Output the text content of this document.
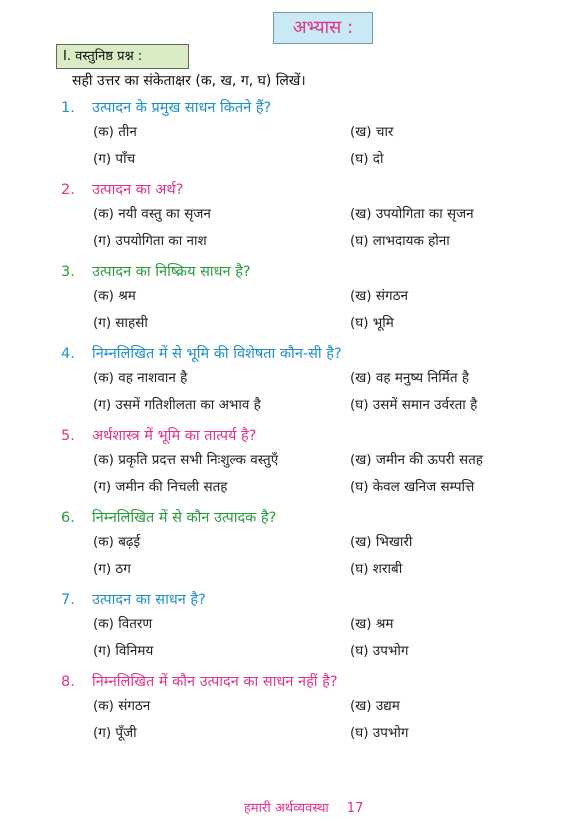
अभ्यास :
I. वस्तुनिष्ठ प्रश्न :
सही उत्तर का संकेताक्षर (क, ख, ग, घ) लिखें।
1. उत्पादन के प्रमुख साधन कितने हैं?
(क) तीन	(ख) चार
(ग) पाँच	(घ) दो
2. उत्पादन का अर्थ?
(क) नयी वस्तु का सृजन	(ख) उपयोगिता का सृजन
(ग) उपयोगिता का नाश	(घ) लाभदायक होना
3. उत्पादन का निष्क्रिय साधन है?
(क) श्रम	(ख) संगठन
(ग) साहसी	(घ) भूमि
4. निम्नलिखित में से भूमि की विशेषता कौन-सी है?
(क) वह नाशवान है	(ख) वह मनुष्य निर्मित है
(ग) उसमें गतिशीलता का अभाव है	(घ) उसमें समान उर्वरता है
5. अर्थशास्त्र में भूमि का तात्पर्य है?
(क) प्रकृति प्रदत्त सभी निःशुल्क वस्तुएँ	(ख) जमीन की ऊपरी सतह
(ग) जमीन की निचली सतह	(घ) केवल खनिज सम्पत्ति
6. निम्नलिखित में से कौन उत्पादक है?
(क) बढ़ई	(ख) भिखारी
(ग) ठग	(घ) शराबी
7. उत्पादन का साधन है?
(क) वितरण	(ख) श्रम
(ग) विनिमय	(घ) उपभोग
8. निम्नलिखित में कौन उत्पादन का साधन नहीं है?
(क) संगठन	(ख) उद्यम
(ग) पूँजी	(घ) उपभोग
हमारी अर्थव्यवस्था 17
